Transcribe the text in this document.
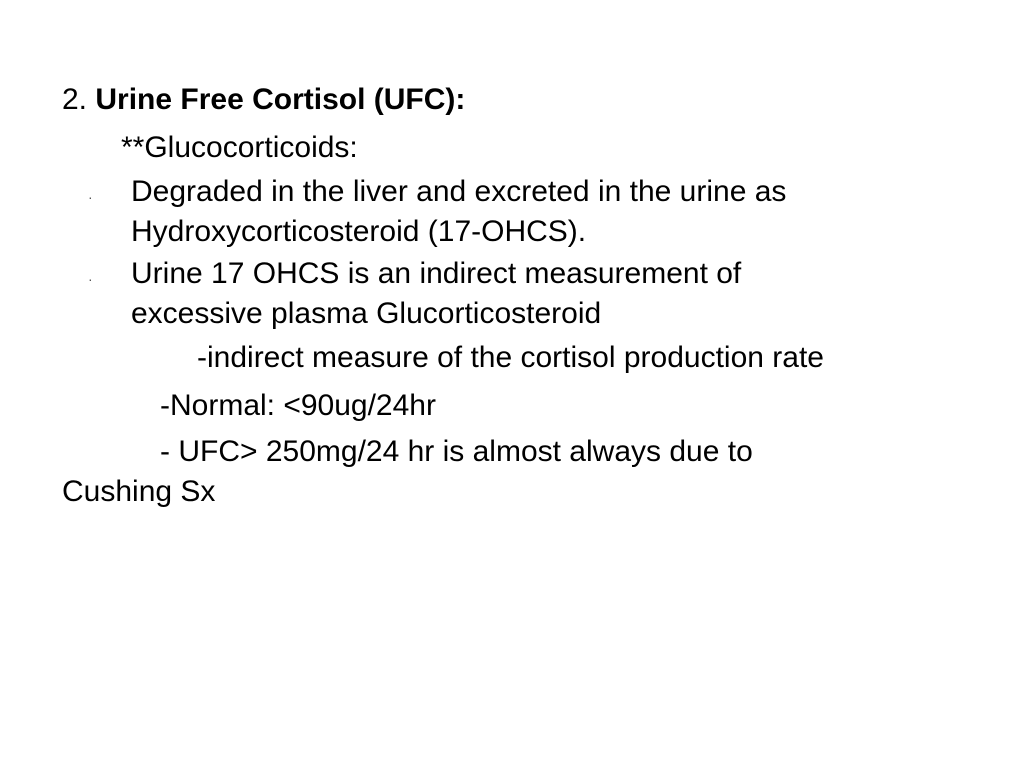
2. Urine Free Cortisol (UFC):
**Glucocorticoids:
· Degraded in the liver and excreted in the urine as
Hydroxycorticosteroid (17-OHCS).
· Urine 17 OHCS is an indirect measurement of
excessive plasma Glucorticosteroid
-indirect measure of the cortisol production rate
-Normal: <90ug/24hr
- UFC> 250mg/24 hr is almost always due to
Cushing Sx
